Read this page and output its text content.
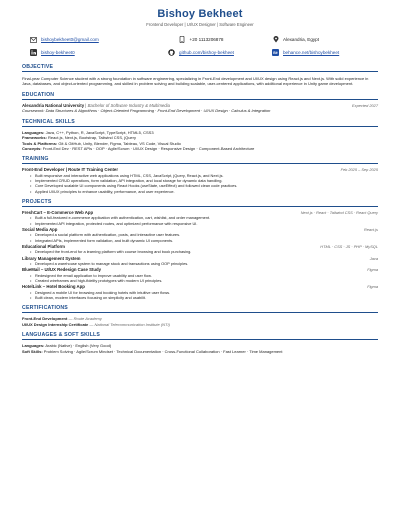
Bishoy Bekheet
Frontend Developer | UI/UX Designer | Software Engineer
bishoybekheet0@gmail.com	+20 1113206878	Alexandria, Egypt
bishoy-bekheet0	github.com/bishoy-bekheet	Bē behance.net/bishoybekheet
OBJECTIVE
Final-year Computer Science student with a strong foundation in software engineering, specializing in Front-End development and UI/UX design using React.js and Next.js. With solid experience in Java, databases, and object-oriented programming, and skilled in problem solving and building scalable, user-centered applications, with additional experience in Unity game development.
EDUCATION
Alexandria National University | Bachelor of Software Industry & Multimedia	Expected 2027
Coursework: Data Structures & Algorithms · Object-Oriented Programming · Front-End Development · UI/UX Design · Calculus & Integration
TECHNICAL SKILLS
Languages: Java, C++, Python, R, JavaScript, TypeScript, HTML5, CSS3
Frameworks: React.js, Next.js, Bootstrap, Tailwind CSS, jQuery
Tools & Platforms: Git & GitHub, Unity, Blender, Figma, Tableau, VS Code, Visual Studio
Concepts: Front-End Dev · REST APIs · OOP · Agile/Scrum · UI/UX Design · Responsive Design · Component-Based Architecture
TRAINING
Front-End Developer | Route IT Training Center	Feb 2025 – Sep 2025
• Built responsive and interactive web applications using HTML, CSS, JavaScript, jQuery, React.js, and Next.js.
• Implemented CRUD operations, form validation, API integration, and local storage for dynamic data handling.
• Core Developed scalable UI components using React Hooks (useState, useEffect) and followed clean code practices.
• Applied UI/UX principles to enhance usability, performance, and user experience.
PROJECTS
FreshCart – E-Commerce Web App	Next.js · React · Tailwind CSS · React Query
• Built a full-featured e-commerce application with authentication, cart, wishlist, and order management.
• Implemented API integration, protected routes, and optimized performance with responsive UI.
Social Media App	React.js
• Developed a social platform with authentication, posts, and interactive user features.
• Integrated APIs, implemented form validation, and built dynamic UI components.
Educational Platform	HTML · CSS · JS · PHP · MySQL
• Developed the front-end for a learning platform with course browsing and book purchasing.
Library Management System	Java
• Developed a warehouse system to manage stock and transactions using OOP principles.
BlueMail – UI/UX Redesign Case Study	Figma
• Redesigned the email application to improve usability and user flow.
• Created wireframes and high-fidelity prototypes with modern UI principles.
HotelLink – Hotel Booking App	Figma
• Designed a mobile UI for browsing and booking hotels with intuitive user flows.
• Built clean, modern interfaces focusing on simplicity and usabilit.
CERTIFICATIONS
Front-End Development — Route Academy
UI/UX Design Internship Certificate — National Telecommunication Institute (NTI)
LANGUAGES & SOFT SKILLS
Languages: Arabic (Native) · English (Very Good)
Soft Skills: Problem Solving · Agile/Scrum Mindset · Technical Documentation · Cross-Functional Collaboration · Fast Learner · Time Management
